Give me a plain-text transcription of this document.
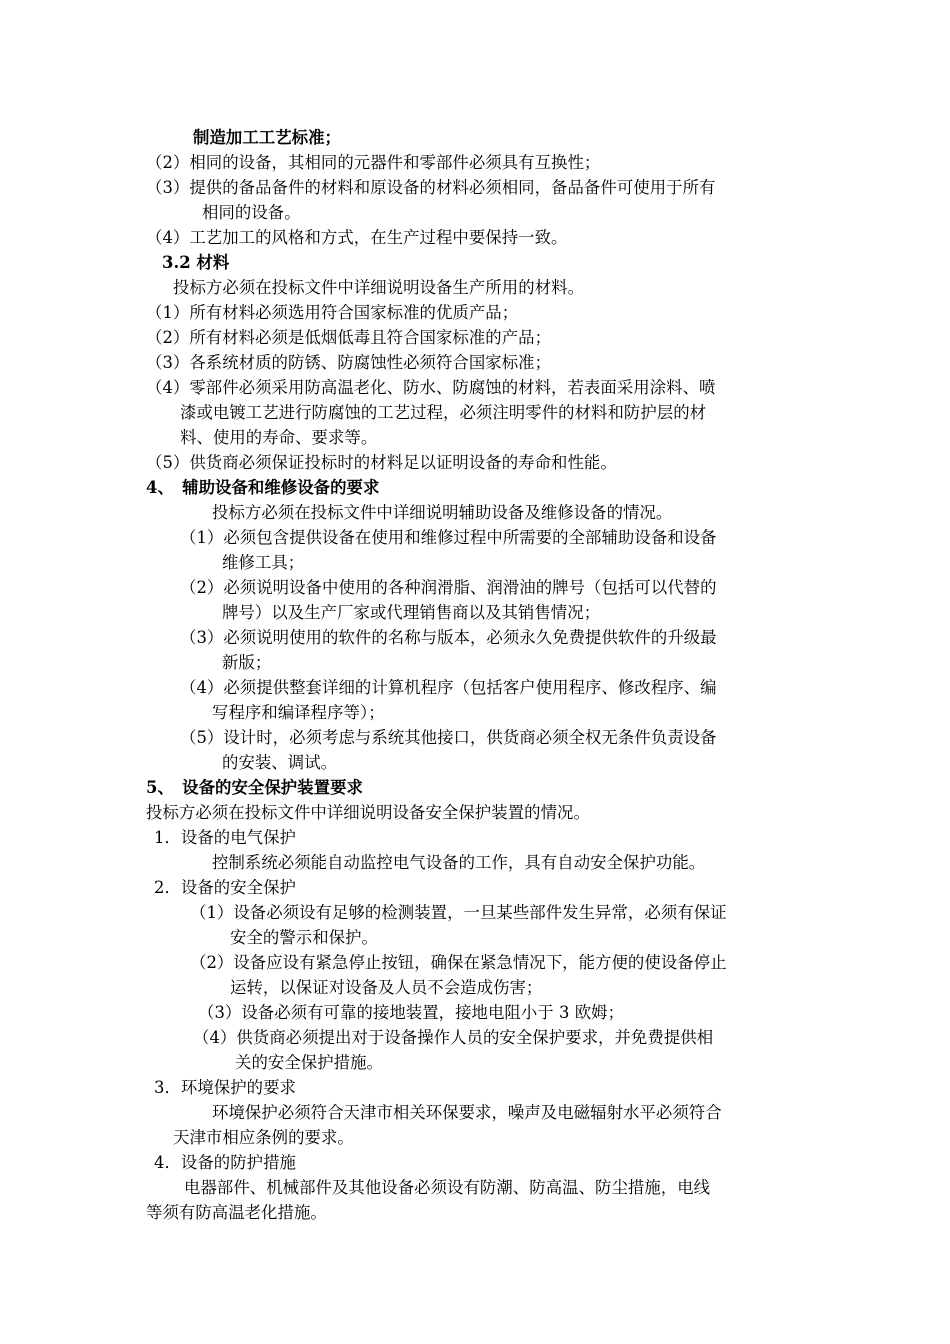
制造加工工艺标准；
（2）相同的设备，其相同的元器件和零部件必须具有互换性；
（3）提供的备品备件的材料和原设备的材料必须相同，备品备件可使用于所有
相同的设备。
（4）工艺加工的风格和方式，在生产过程中要保持一致。
3.2 材料
投标方必须在投标文件中详细说明设备生产所用的材料。
（1）所有材料必须选用符合国家标准的优质产品；
（2）所有材料必须是低烟低毒且符合国家标准的产品；
（3）各系统材质的防锈、防腐蚀性必须符合国家标准；
（4）零部件必须采用防高温老化、防水、防腐蚀的材料，若表面采用涂料、喷
漆或电镀工艺进行防腐蚀的工艺过程，必须注明零件的材料和防护层的材
料、使用的寿命、要求等。
（5）供货商必须保证投标时的材料足以证明设备的寿命和性能。
4、　辅助设备和维修设备的要求
投标方必须在投标文件中详细说明辅助设备及维修设备的情况。
（1）必须包含提供设备在使用和维修过程中所需要的全部辅助设备和设备
维修工具；
（2）必须说明设备中使用的各种润滑脂、润滑油的牌号（包括可以代替的
牌号）以及生产厂家或代理销售商以及其销售情况；
（3）必须说明使用的软件的名称与版本，必须永久免费提供软件的升级最
新版；
（4）必须提供整套详细的计算机程序（包括客户使用程序、修改程序、编
写程序和编译程序等）；
（5）设计时，必须考虑与系统其他接口，供货商必须全权无条件负责设备
的安装、调试。
5、　设备的安全保护装置要求
投标方必须在投标文件中详细说明设备安全保护装置的情况。
1．设备的电气保护
控制系统必须能自动监控电气设备的工作，具有自动安全保护功能。
2．设备的安全保护
（1）设备必须设有足够的检测装置，一旦某些部件发生异常，必须有保证
安全的警示和保护。
（2）设备应设有紧急停止按钮，确保在紧急情况下，能方便的使设备停止
运转，以保证对设备及人员不会造成伤害；
（3）设备必须有可靠的接地装置，接地电阻小于 3 欧姆；
（4）供货商必须提出对于设备操作人员的安全保护要求，并免费提供相
关的安全保护措施。
3．环境保护的要求
环境保护必须符合天津市相关环保要求，噪声及电磁辐射水平必须符合
天津市相应条例的要求。
4．设备的防护措施
电器部件、机械部件及其他设备必须设有防潮、防高温、防尘措施，电线
等须有防高温老化措施。
